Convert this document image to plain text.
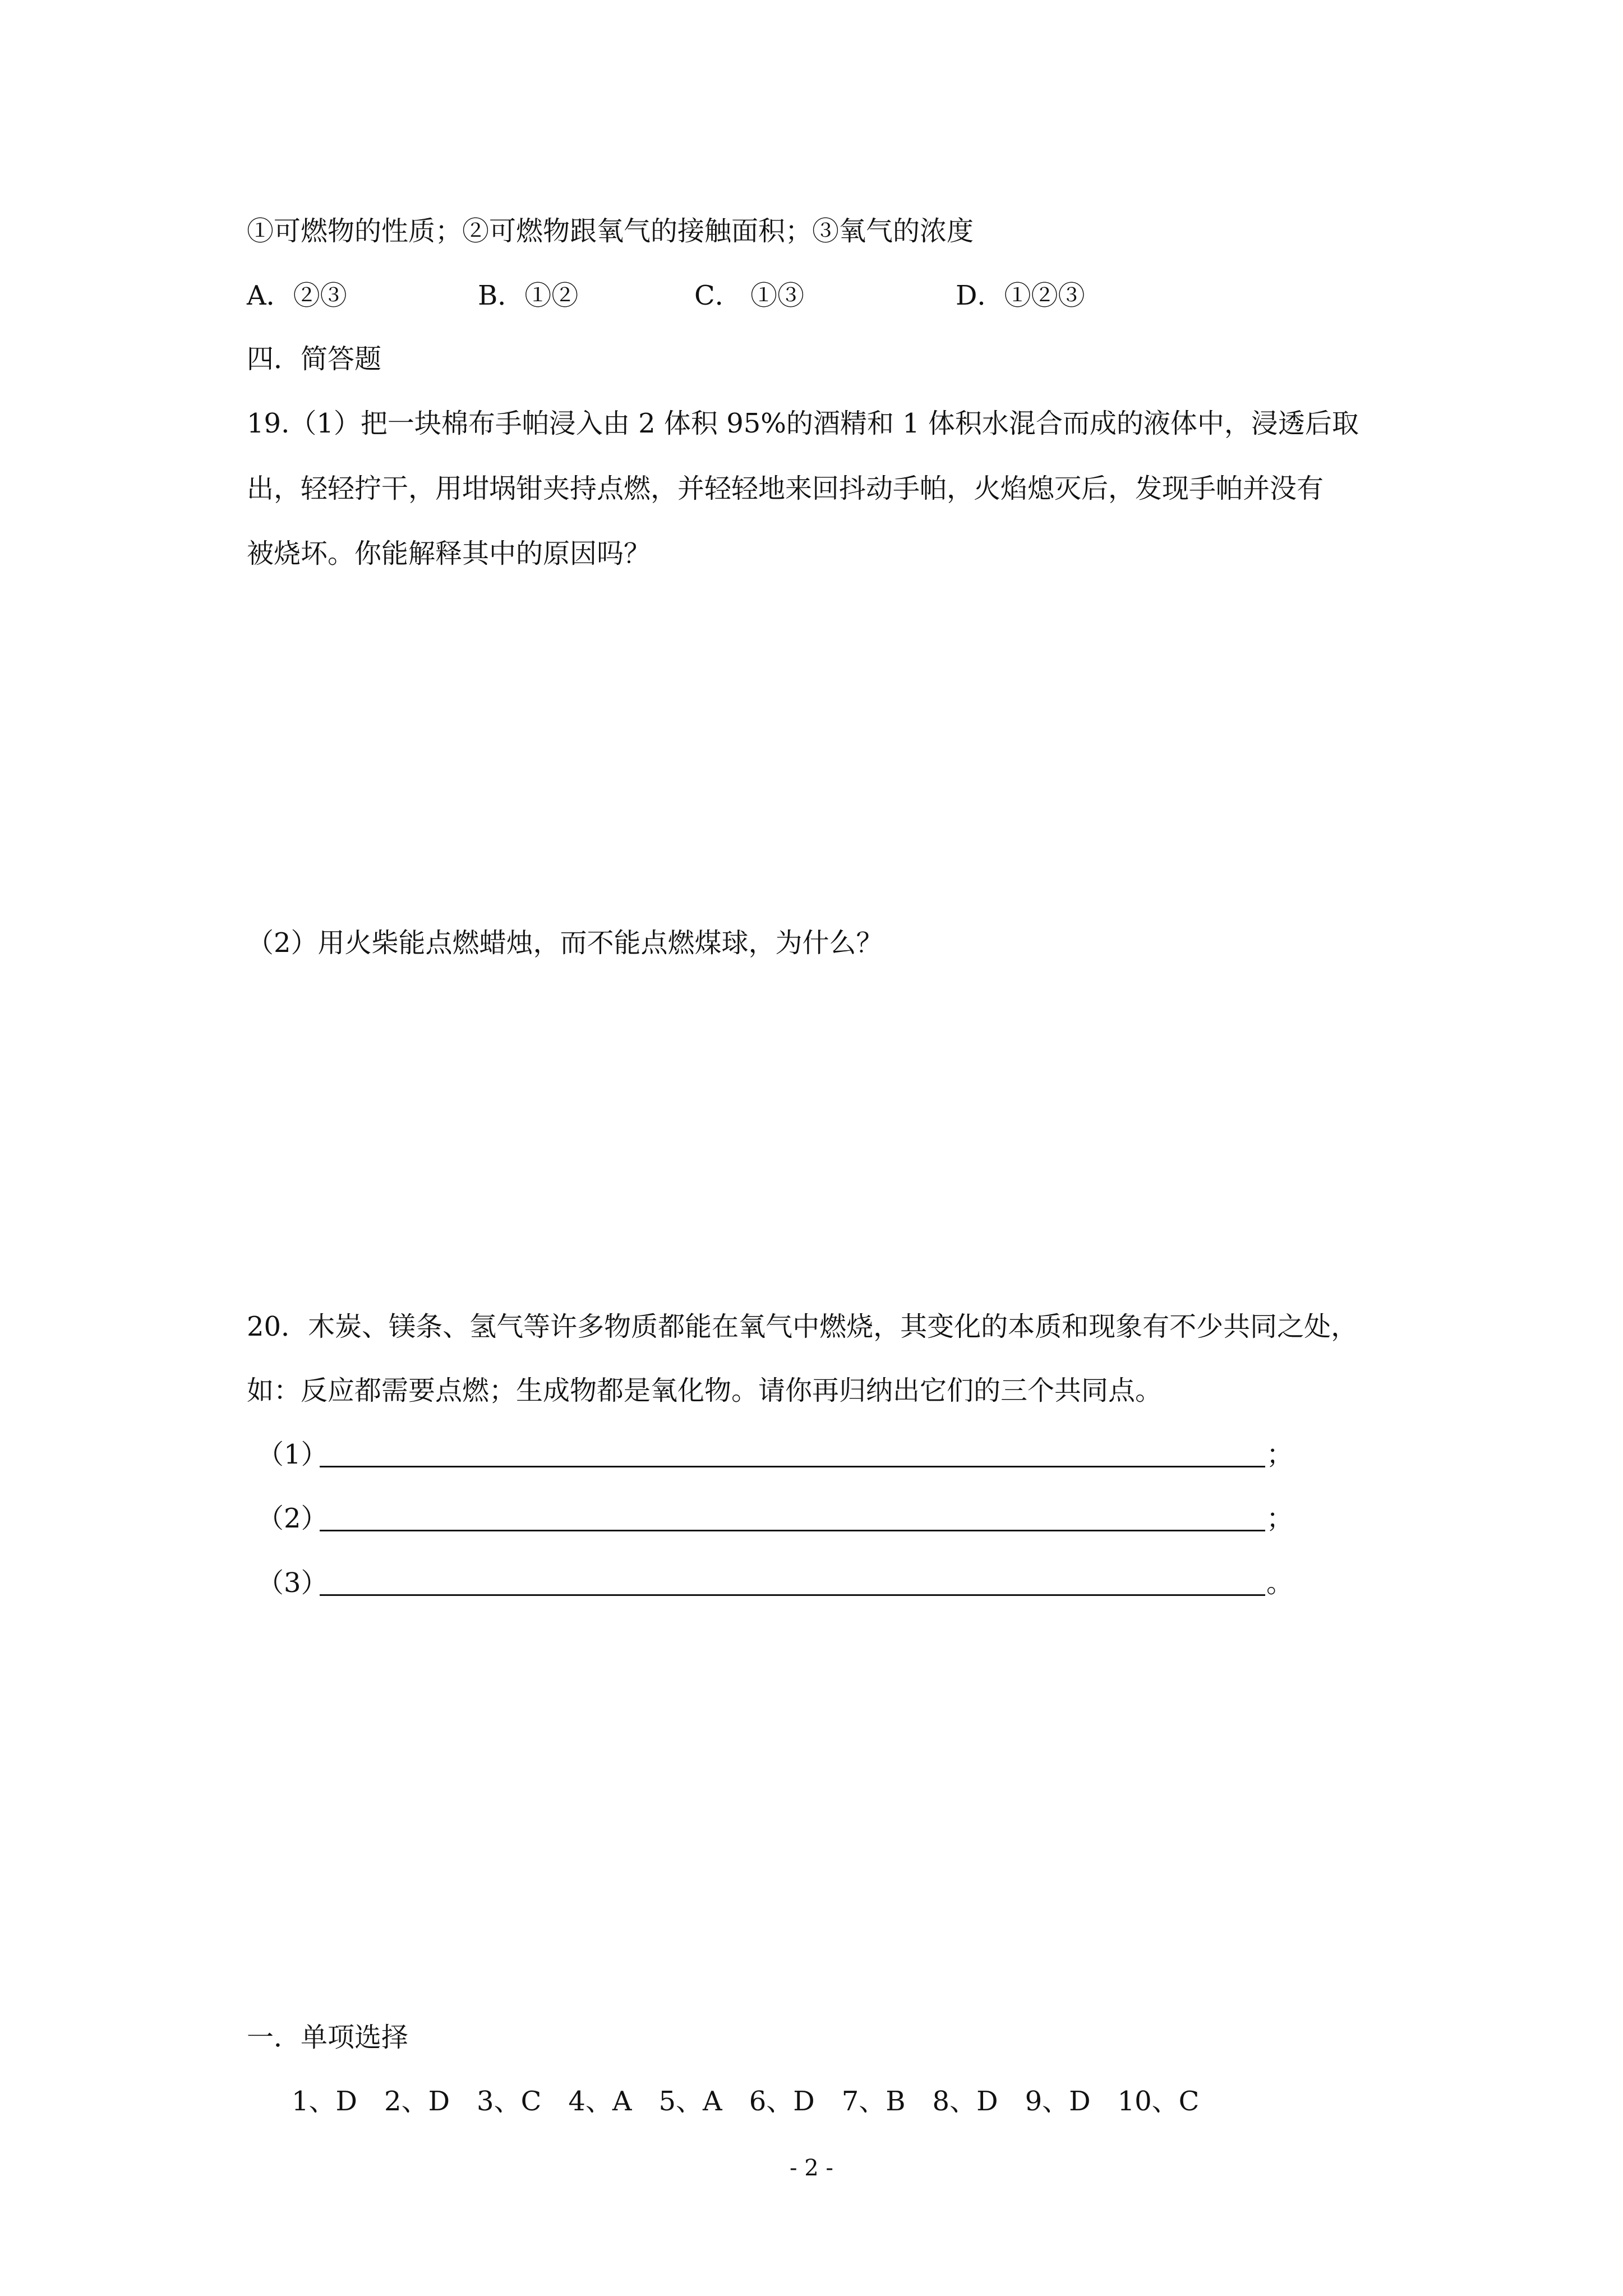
①可燃物的性质；②可燃物跟氧气的接触面积；③氧气的浓度
A．②③	B．①②	C． ①③	D．①②③
四．简答题
19.（1）把一块棉布手帕浸入由 2 体积 95%的酒精和 1 体积水混合而成的液体中，浸透后取
出，轻轻拧干，用坩埚钳夹持点燃，并轻轻地来回抖动手帕，火焰熄灭后，发现手帕并没有
被烧坏。你能解释其中的原因吗？
（2）用火柴能点燃蜡烛，而不能点燃煤球，为什么？
20．木炭、镁条、氢气等许多物质都能在氧气中燃烧，其变化的本质和现象有不少共同之处，
如：反应都需要点燃；生成物都是氧化物。请你再归纳出它们的三个共同点。
（1）	；
（2）	；
（3）	。
一．单项选择
1、D　2、D　3、C　4、A　5、A　6、D　7、B　8、D　9、D　10、C
- 2 -
